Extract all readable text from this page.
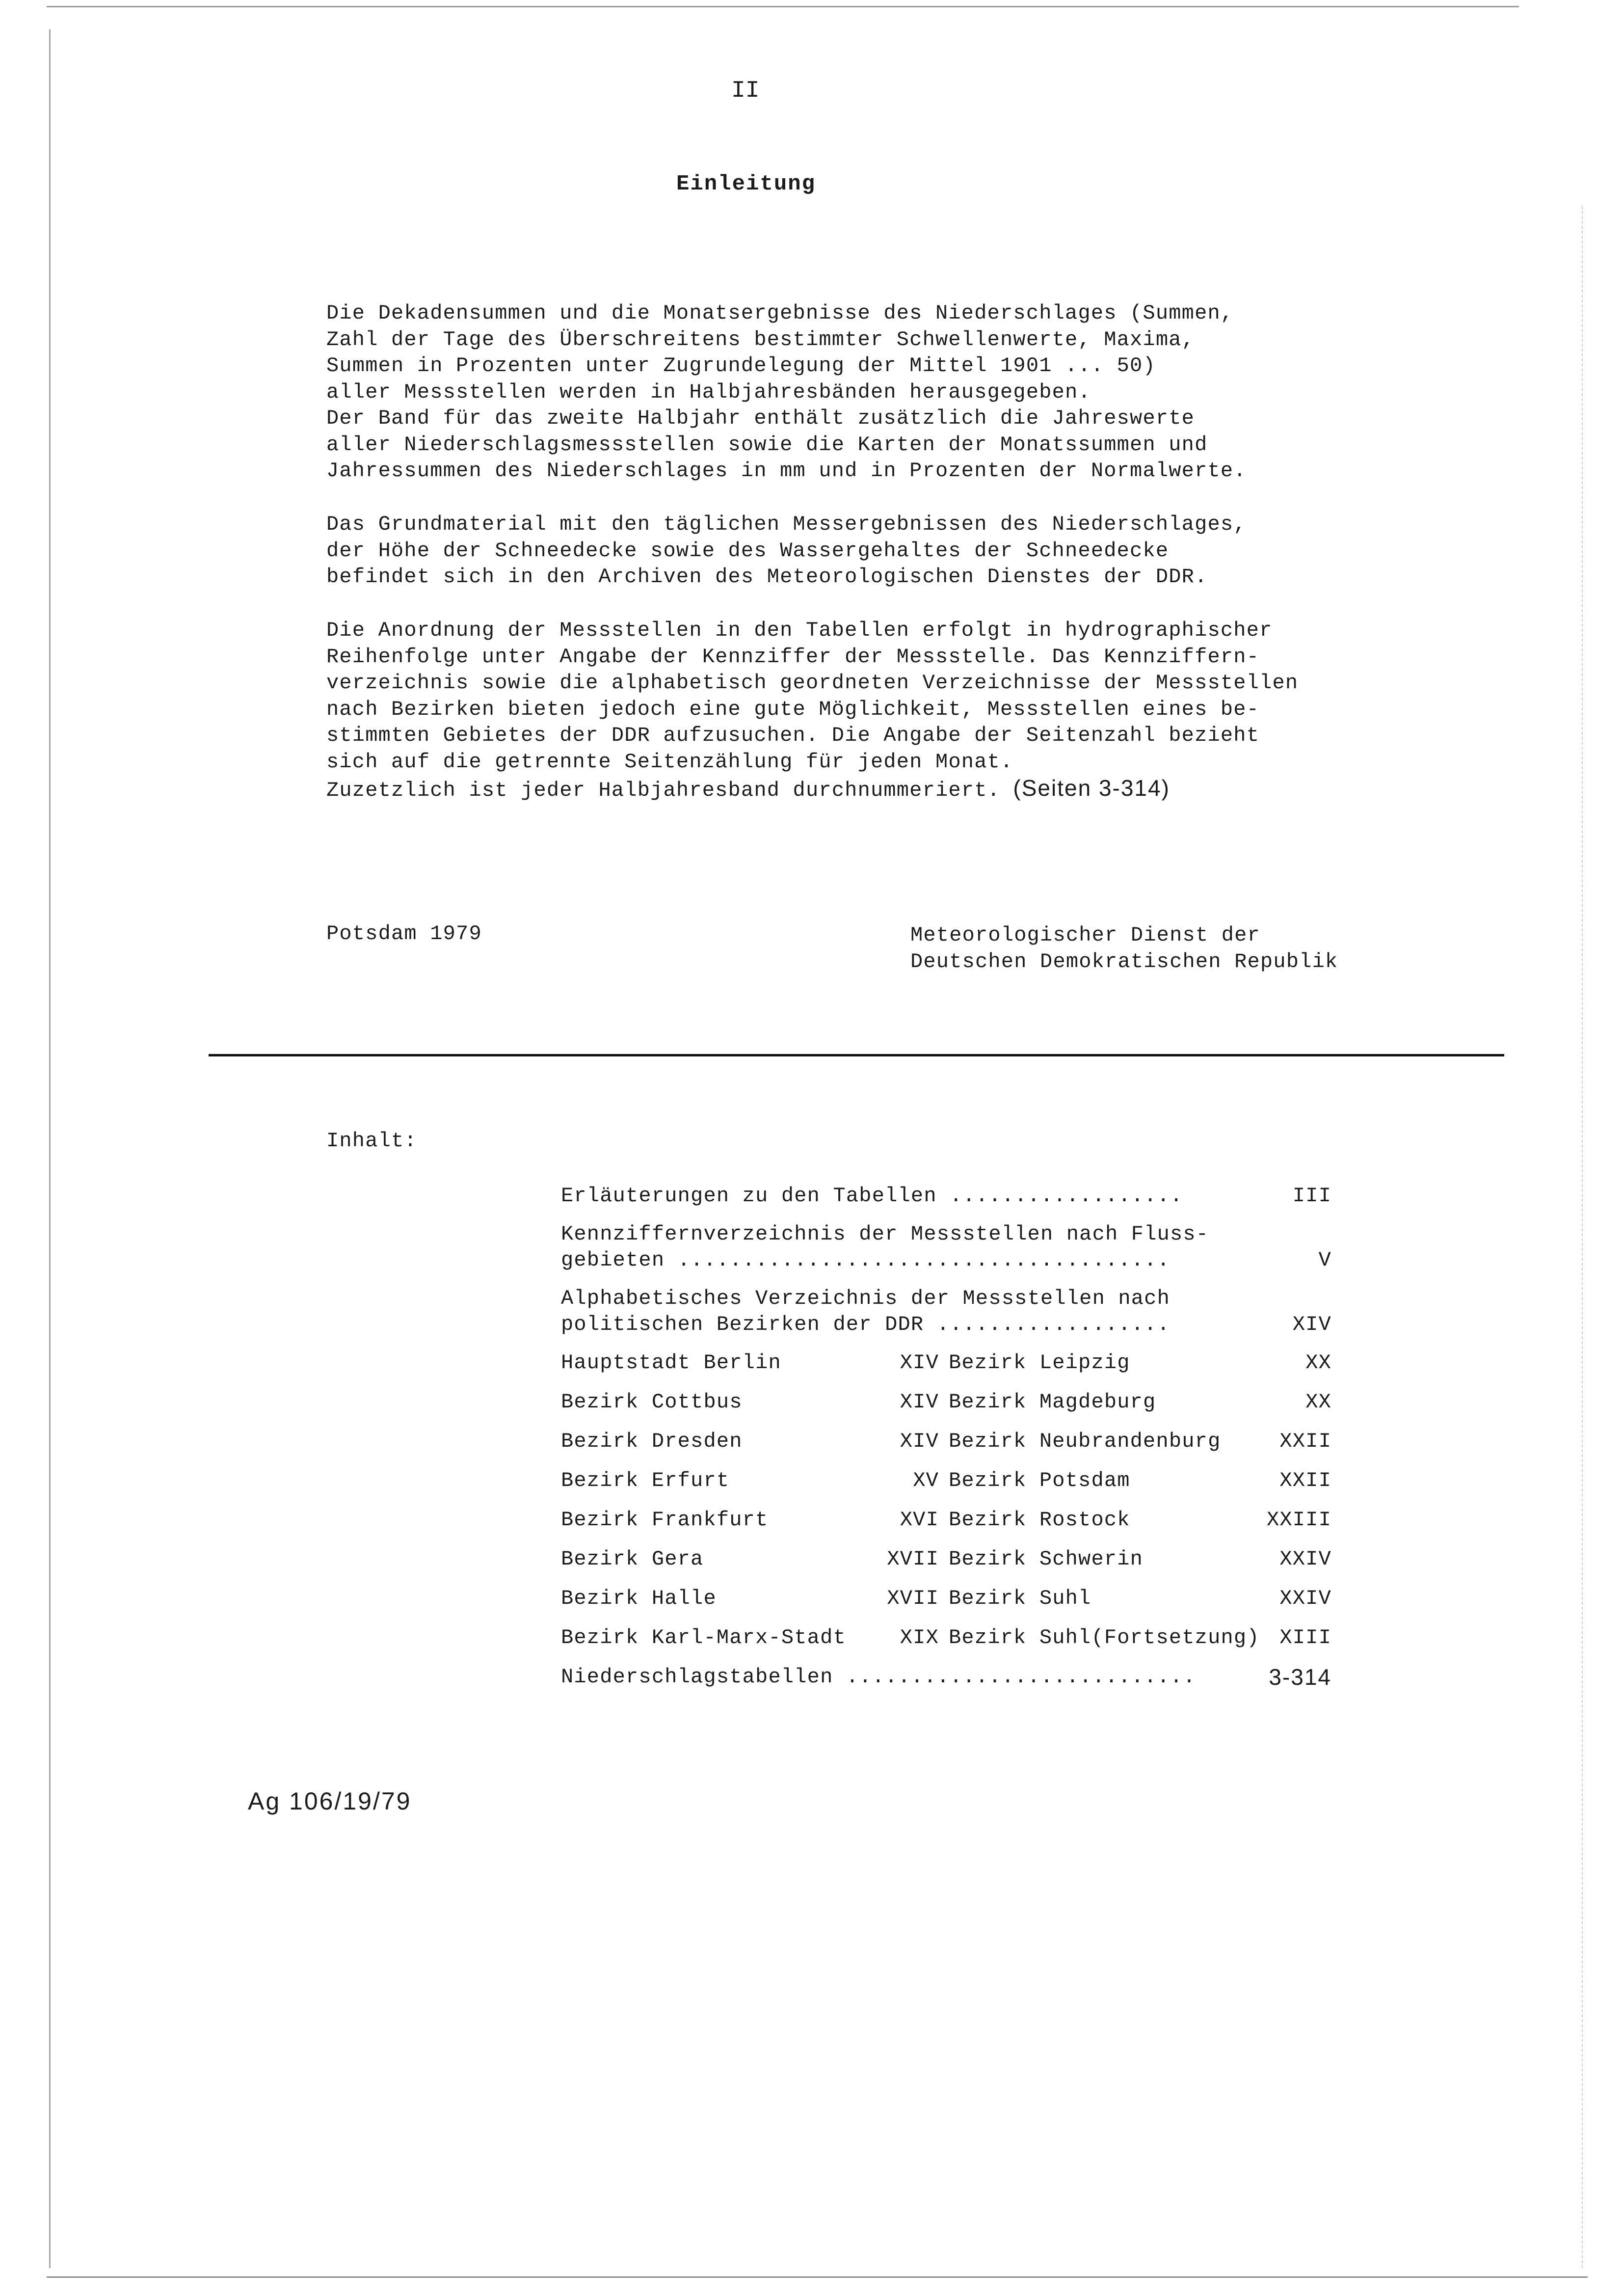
II
Einleitung
Die Dekadensummen und die Monatsergebnisse des Niederschlages (Summen,
Zahl der Tage des Überschreitens bestimmter Schwellenwerte, Maxima,
Summen in Prozenten unter Zugrundelegung der Mittel 1901 ... 50)
aller Messstellen werden in Halbjahresbänden herausgegeben.
Der Band für das zweite Halbjahr enthält zusätzlich die Jahreswerte
aller Niederschlagsmessstellen sowie die Karten der Monatssummen und
Jahressummen des Niederschlages in mm und in Prozenten der Normalwerte.
Das Grundmaterial mit den täglichen Messergebnissen des Niederschlages,
der Höhe der Schneedecke sowie des Wassergehaltes der Schneedecke
befindet sich in den Archiven des Meteorologischen Dienstes der DDR.
Die Anordnung der Messstellen in den Tabellen erfolgt in hydrographischer
Reihenfolge unter Angabe der Kennziffer der Messstelle. Das Kennziffern-
verzeichnis sowie die alphabetisch geordneten Verzeichnisse der Messstellen
nach Bezirken bieten jedoch eine gute Möglichkeit, Messstellen eines be-
stimmten Gebietes der DDR aufzusuchen. Die Angabe der Seitenzahl bezieht
sich auf die getrennte Seitenzählung für jeden Monat.
Zuzetzlich ist jeder Halbjahresband durchnummeriert. (Seiten 3-314)
Potsdam 1979	Meteorologischer Dienst der
Deutschen Demokratischen Republik
Inhalt:
Erläuterungen zu den Tabellen ..................	III
Kennziffernverzeichnis der Messstellen nach Fluss-
gebieten ......................................	V
Alphabetisches Verzeichnis der Messstellen nach
politischen Bezirken der DDR ..................	XIV
Hauptstadt Berlin	XIV Bezirk Leipzig	XX
Bezirk Cottbus	XIV Bezirk Magdeburg	XX
Bezirk Dresden	XIV Bezirk Neubrandenburg	XXII
Bezirk Erfurt	XV Bezirk Potsdam	XXII
Bezirk Frankfurt	XVI Bezirk Rostock	XXIII
Bezirk Gera	XVII Bezirk Schwerin	XXIV
Bezirk Halle	XVII Bezirk Suhl	XXIV
Bezirk Karl-Marx-Stadt	XIX Bezirk Suhl(Fortsetzung) XIII
Niederschlagstabellen ...........................	3-314
Ag 106/19/79
